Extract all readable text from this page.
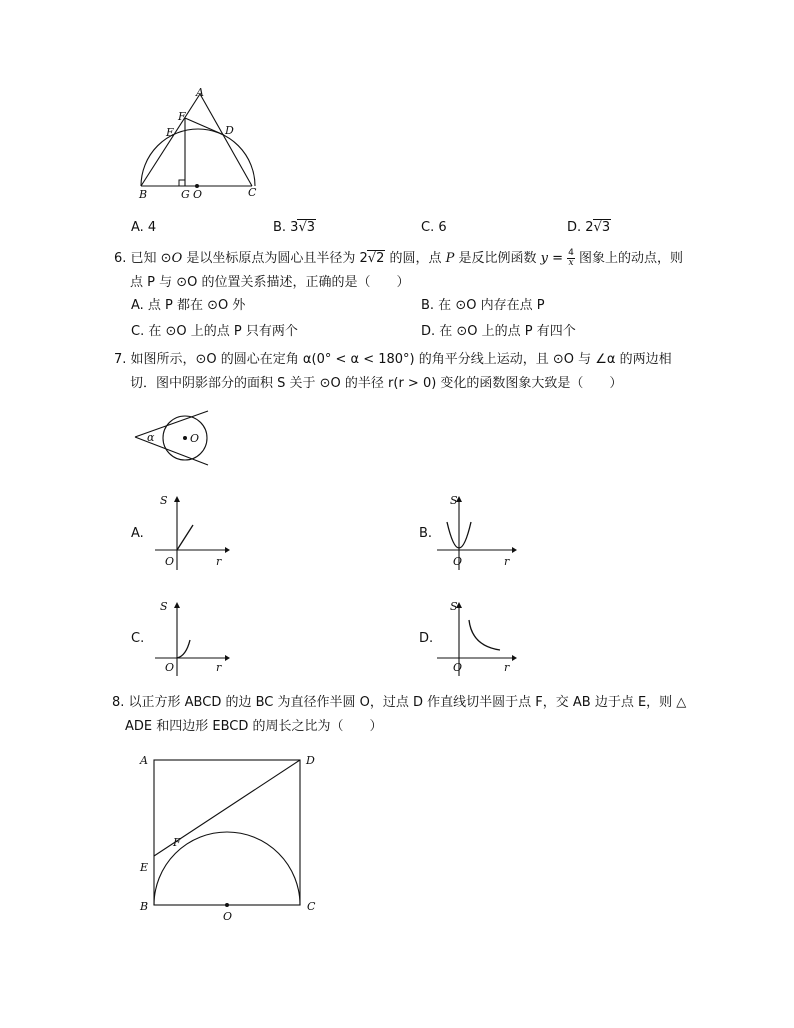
A
F
E	D
B	G O	C
A. 4	B. 3√3	C. 6	D. 2√3
6. 已知 ⊙O 是以坐标原点为圆心且半径为 2√2 的圆，点 P 是反比例函数 $y = \frac{4}{x}$ 图象上的动点，则
点 P 与 ⊙O 的位置关系描述，正确的是（　　）
A. 点 P 都在 ⊙O 外	B. 在 ⊙O 内存在点 P
C. 在 ⊙O 上的点 P 只有两个	D. 在 ⊙O 上的点 P 有四个
7. 如图所示，⊙O 的圆心在定角 α(0° < α < 180°) 的角平分线上运动，且 ⊙O 与 ∠α 的两边相
切．图中阴影部分的面积 S 关于 ⊙O 的半径 r(r > 0) 变化的函数图象大致是（　　）
α	O
A.	B.
C.	D.
S
O	r
S
O	r
S
O	r
S
O	r
8. 以正方形 ABCD 的边 BC 为直径作半圆 O，过点 D 作直线切半圆于点 F，交 AB 边于点 E，则 △
ADE 和四边形 EBCD 的周长之比为（　　）
A	D
F
E
B
O
C
